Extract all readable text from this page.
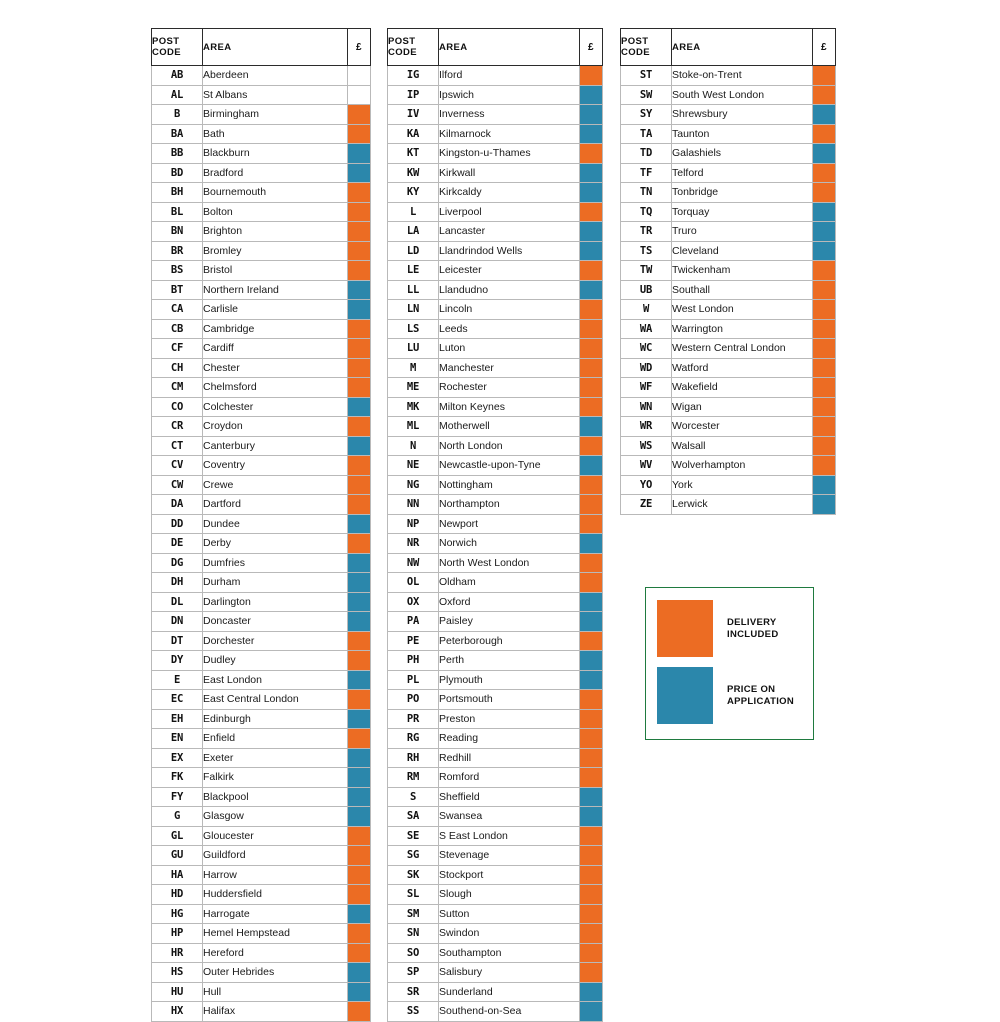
POST
CODE	AREA	£
AB	Aberdeen	

AL	St Albans	

B	Birmingham	

BA	Bath	

BB	Blackburn	

BD	Bradford	

BH	Bournemouth	

BL	Bolton	

BN	Brighton	

BR	Bromley	

BS	Bristol	

BT	Northern Ireland	

CA	Carlisle	

CB	Cambridge	

CF	Cardiff	

CH	Chester	

CM	Chelmsford	

CO	Colchester	

CR	Croydon	

CT	Canterbury	

CV	Coventry	

CW	Crewe	

DA	Dartford	

DD	Dundee	

DE	Derby	

DG	Dumfries	

DH	Durham	

DL	Darlington	

DN	Doncaster	

DT	Dorchester	

DY	Dudley	

E	East London	

EC	East Central London	

EH	Edinburgh	

EN	Enfield	

EX	Exeter	

FK	Falkirk	

FY	Blackpool	

G	Glasgow	

GL	Gloucester	

GU	Guildford	

HA	Harrow	

HD	Huddersfield	

HG	Harrogate	

HP	Hemel Hempstead	

HR	Hereford	

HS	Outer Hebrides	

HU	Hull	

HX	Halifax	
POST
CODE	AREA	£
IG	Ilford	

IP	Ipswich	

IV	Inverness	

KA	Kilmarnock	

KT	Kingston-u-Thames	

KW	Kirkwall	

KY	Kirkcaldy	

L	Liverpool	

LA	Lancaster	

LD	Llandrindod Wells	

LE	Leicester	

LL	Llandudno	

LN	Lincoln	

LS	Leeds	

LU	Luton	

M	Manchester	

ME	Rochester	

MK	Milton Keynes	

ML	Motherwell	

N	North London	

NE	Newcastle-upon-Tyne	

NG	Nottingham	

NN	Northampton	

NP	Newport	

NR	Norwich	

NW	North West London	

OL	Oldham	

OX	Oxford	

PA	Paisley	

PE	Peterborough	

PH	Perth	

PL	Plymouth	

PO	Portsmouth	

PR	Preston	

RG	Reading	

RH	Redhill	

RM	Romford	

S	Sheffield	

SA	Swansea	

SE	S East London	

SG	Stevenage	

SK	Stockport	

SL	Slough	

SM	Sutton	

SN	Swindon	

SO	Southampton	

SP	Salisbury	

SR	Sunderland	

SS	Southend-on-Sea	
POST
CODE	AREA	£
ST	Stoke-on-Trent	

SW	South West London	

SY	Shrewsbury	

TA	Taunton	

TD	Galashiels	

TF	Telford	

TN	Tonbridge	

TQ	Torquay	

TR	Truro	

TS	Cleveland	

TW	Twickenham	

UB	Southall	

W	West London	

WA	Warrington	

WC	Western Central London	

WD	Watford	

WF	Wakefield	

WN	Wigan	

WR	Worcester	

WS	Walsall	

WV	Wolverhampton	

YO	York	

ZE	Lerwick	
DELIVERY
INCLUDED
PRICE ON
APPLICATION
